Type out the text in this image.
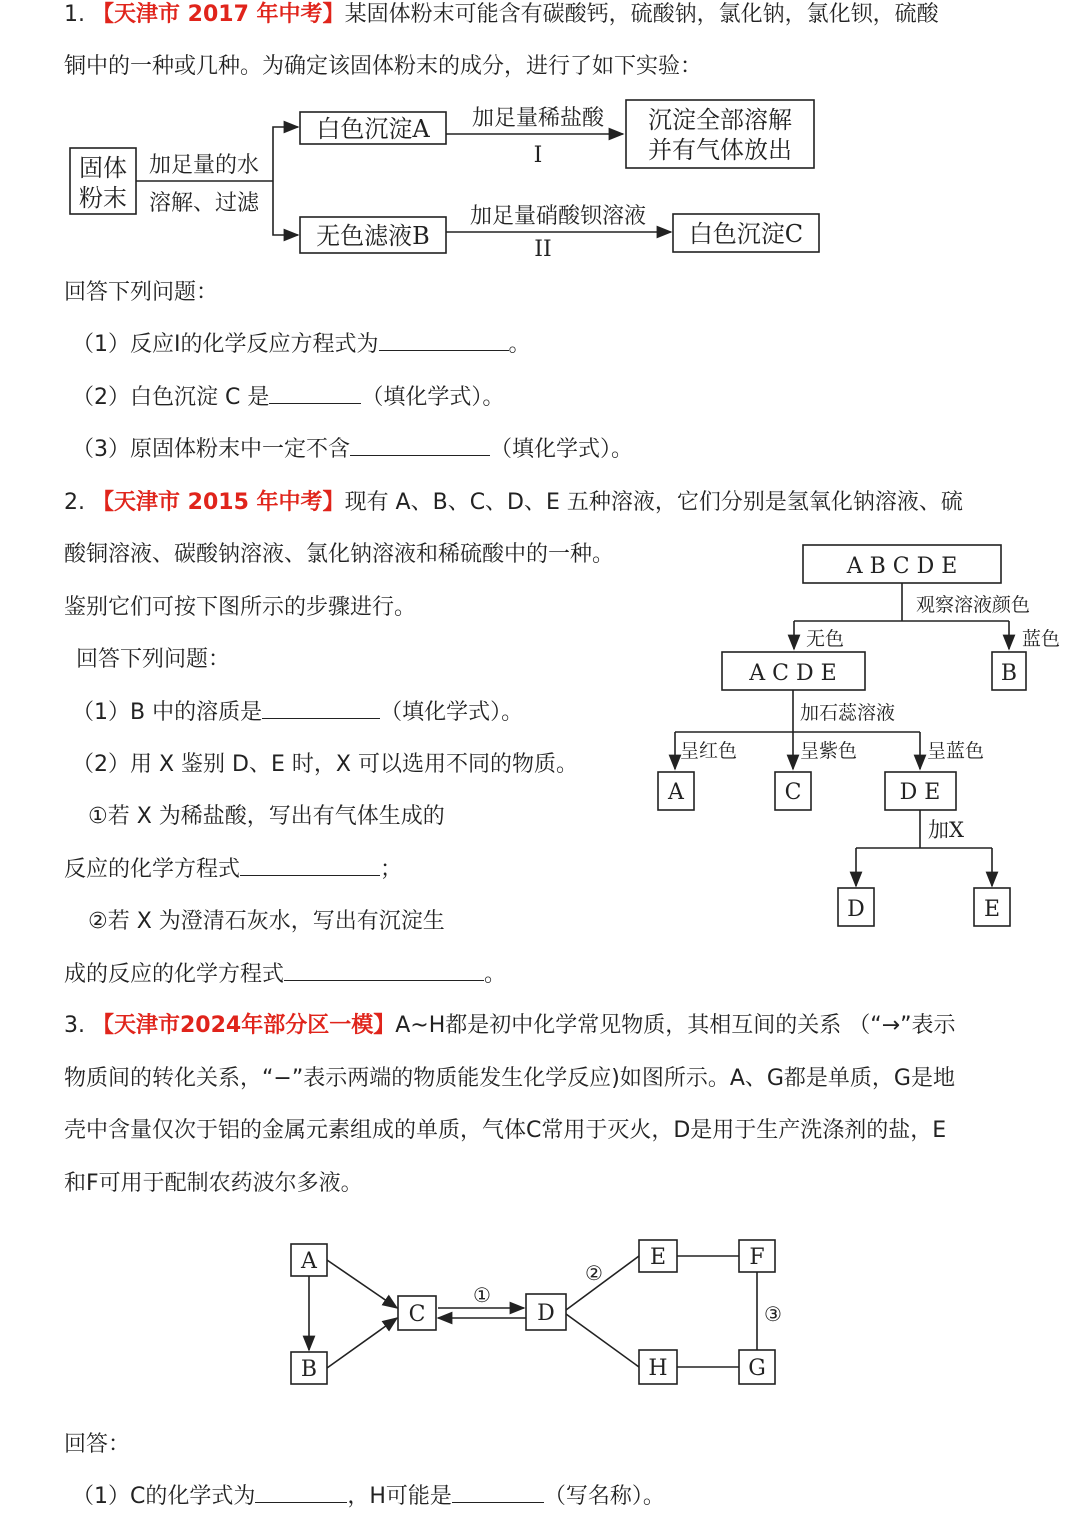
1. 【天津市 2017 年中考】某固体粉末可能含有碳酸钙，硫酸钠，氯化钠，氯化钡，硫酸
铜中的一种或几种。为确定该固体粉末的成分，进行了如下实验：
固体
粉末
加足量的水
溶解、过滤
白色沉淀A 加足量稀盐酸
I
沉淀全部溶解
并有气体放出
无色滤液B
加足量硝酸钡溶液
II
白色沉淀C
回答下列问题：
（1）反应Ⅰ的化学反应方程式为	。
（2）白色沉淀 C 是	（填化学式）。
（3）原固体粉末中一定不含	（填化学式）。
2. 【天津市 2015 年中考】现有 A、B、C、D、E 五种溶液，它们分别是氢氧化钠溶液、硫
酸铜溶液、碳酸钠溶液、氯化钠溶液和稀硫酸中的一种。
鉴别它们可按下图所示的步骤进行。
回答下列问题：
（1）B 中的溶质是	（填化学式）。
（2）用 X 鉴别 D、E 时，X 可以选用不同的物质。
①若 X 为稀盐酸，写出有气体生成的
反应的化学方程式	；
②若 X 为澄清石灰水，写出有沉淀生
成的反应的化学方程式	。
A B C D E
观察溶液颜色
无色	蓝色
A C D E	B
加石蕊溶液
呈红色	呈紫色	呈蓝色
A	C	D E
加X
D	E
3. 【天津市2024年部分区一模】A~H都是初中化学常见物质，其相互间的关系 （“→”表示
物质间的转化关系，“−”表示两端的物质能发生化学反应)如图所示。A、G都是单质，G是地
壳中含量仅次于铝的金属元素组成的单质，气体C常用于灭火，D是用于生产洗涤剂的盐，E
和F可用于配制农药波尔多液。
A
B
C	D
E	F
H	G
①
②
③
回答：
（1）C的化学式为	，H可能是	（写名称）。
